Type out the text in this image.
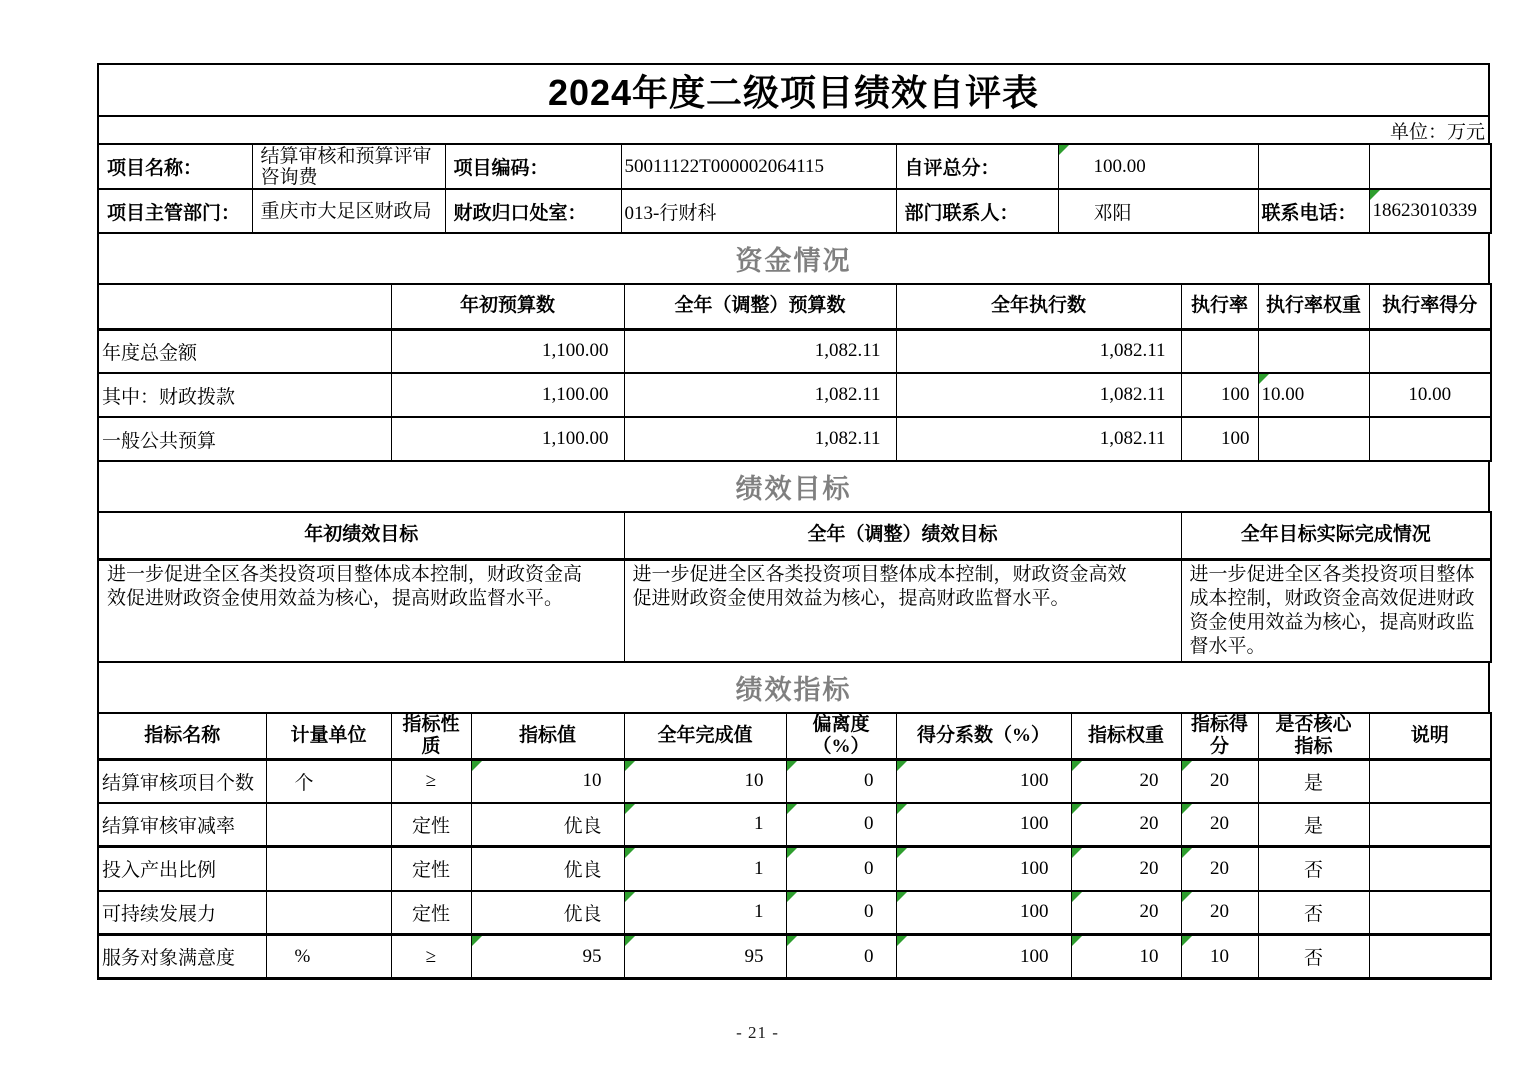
2024年度二级项目绩效自评表
单位：万元
项目名称：	结算审核和预算评审咨询费	项目编码：	50011122T000002064115	自评总分：	100.00

项目主管部门：	重庆市大足区财政局	财政归口处室：	013-行财科	部门联系人：	邓阳	联系电话：	18623010339
资金情况
	年初预算数	全年（调整）预算数	全年执行数	执行率	执行率权重	执行率得分
年度总金额	1,100.00	1,082.11	1,082.11			
其中：财政拨款	1,100.00	1,082.11	1,082.11	100	10.00	10.00
一般公共预算	1,100.00	1,082.11	1,082.11	100		
绩效目标
年初绩效目标	全年（调整）绩效目标	全年目标实际完成情况
进一步促进全区各类投资项目整体成本控制，财政资金高效促进财政资金使用效益为核心，提高财政监督水平。	进一步促进全区各类投资项目整体成本控制，财政资金高效促进财政资金使用效益为核心，提高财政监督水平。	进一步促进全区各类投资项目整体成本控制，财政资金高效促进财政资金使用效益为核心，提高财政监督水平。
绩效指标
指标名称	计量单位	指标性质	指标值	全年完成值	偏离度（%）	得分系数（%）	指标权重	指标得分	是否核心指标	说明
结算审核项目个数	个	≥	10	10	0	100	20	20	是	
结算审核审减率		定性	优良	1	0	100	20	20	是	
投入产出比例		定性	优良	1	0	100	20	20	否	
可持续发展力		定性	优良	1	0	100	20	20	否	
服务对象满意度	%	≥	95	95	0	100	10	10	否	
- 21 -
